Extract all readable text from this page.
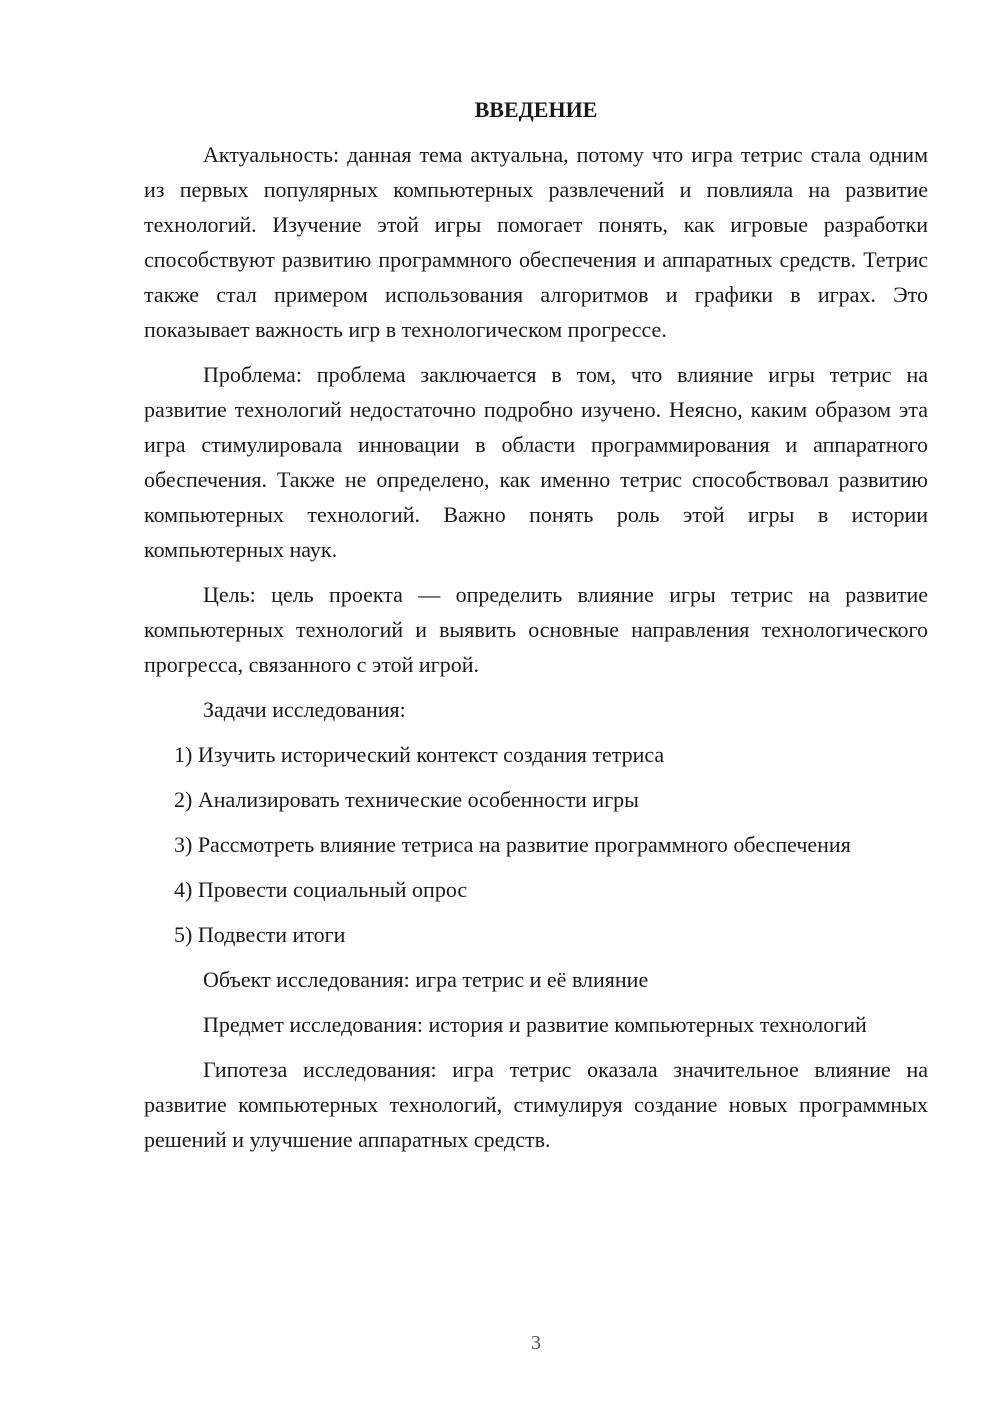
ВВЕДЕНИЕ

Актуальность: данная тема актуальна, потому что игра тетрис стала одним из первых популярных компьютерных развлечений и повлияла на развитие технологий. Изучение этой игры помогает понять, как игровые разработки способствуют развитию программного обеспечения и аппаратных средств. Тетрис также стал примером использования алгоритмов и графики в играх. Это показывает важность игр в технологическом прогрессе.

Проблема: проблема заключается в том, что влияние игры тетрис на развитие технологий недостаточно подробно изучено. Неясно, каким образом эта игра стимулировала инновации в области программирования и аппаратного обеспечения. Также не определено, как именно тетрис способствовал развитию компьютерных технологий. Важно понять роль этой игры в истории компьютерных наук.

Цель: цель проекта — определить влияние игры тетрис на развитие компьютерных технологий и выявить основные направления технологического прогресса, связанного с этой игрой.

Задачи исследования:

1) Изучить исторический контекст создания тетриса

2) Анализировать технические особенности игры

3) Рассмотреть влияние тетриса на развитие программного обеспечения

4) Провести социальный опрос

5) Подвести итоги

Объект исследования: игра тетрис и её влияние

Предмет исследования: история и развитие компьютерных технологий

Гипотеза исследования: игра тетрис оказала значительное влияние на развитие компьютерных технологий, стимулируя создание новых программных решений и улучшение аппаратных средств.

3
